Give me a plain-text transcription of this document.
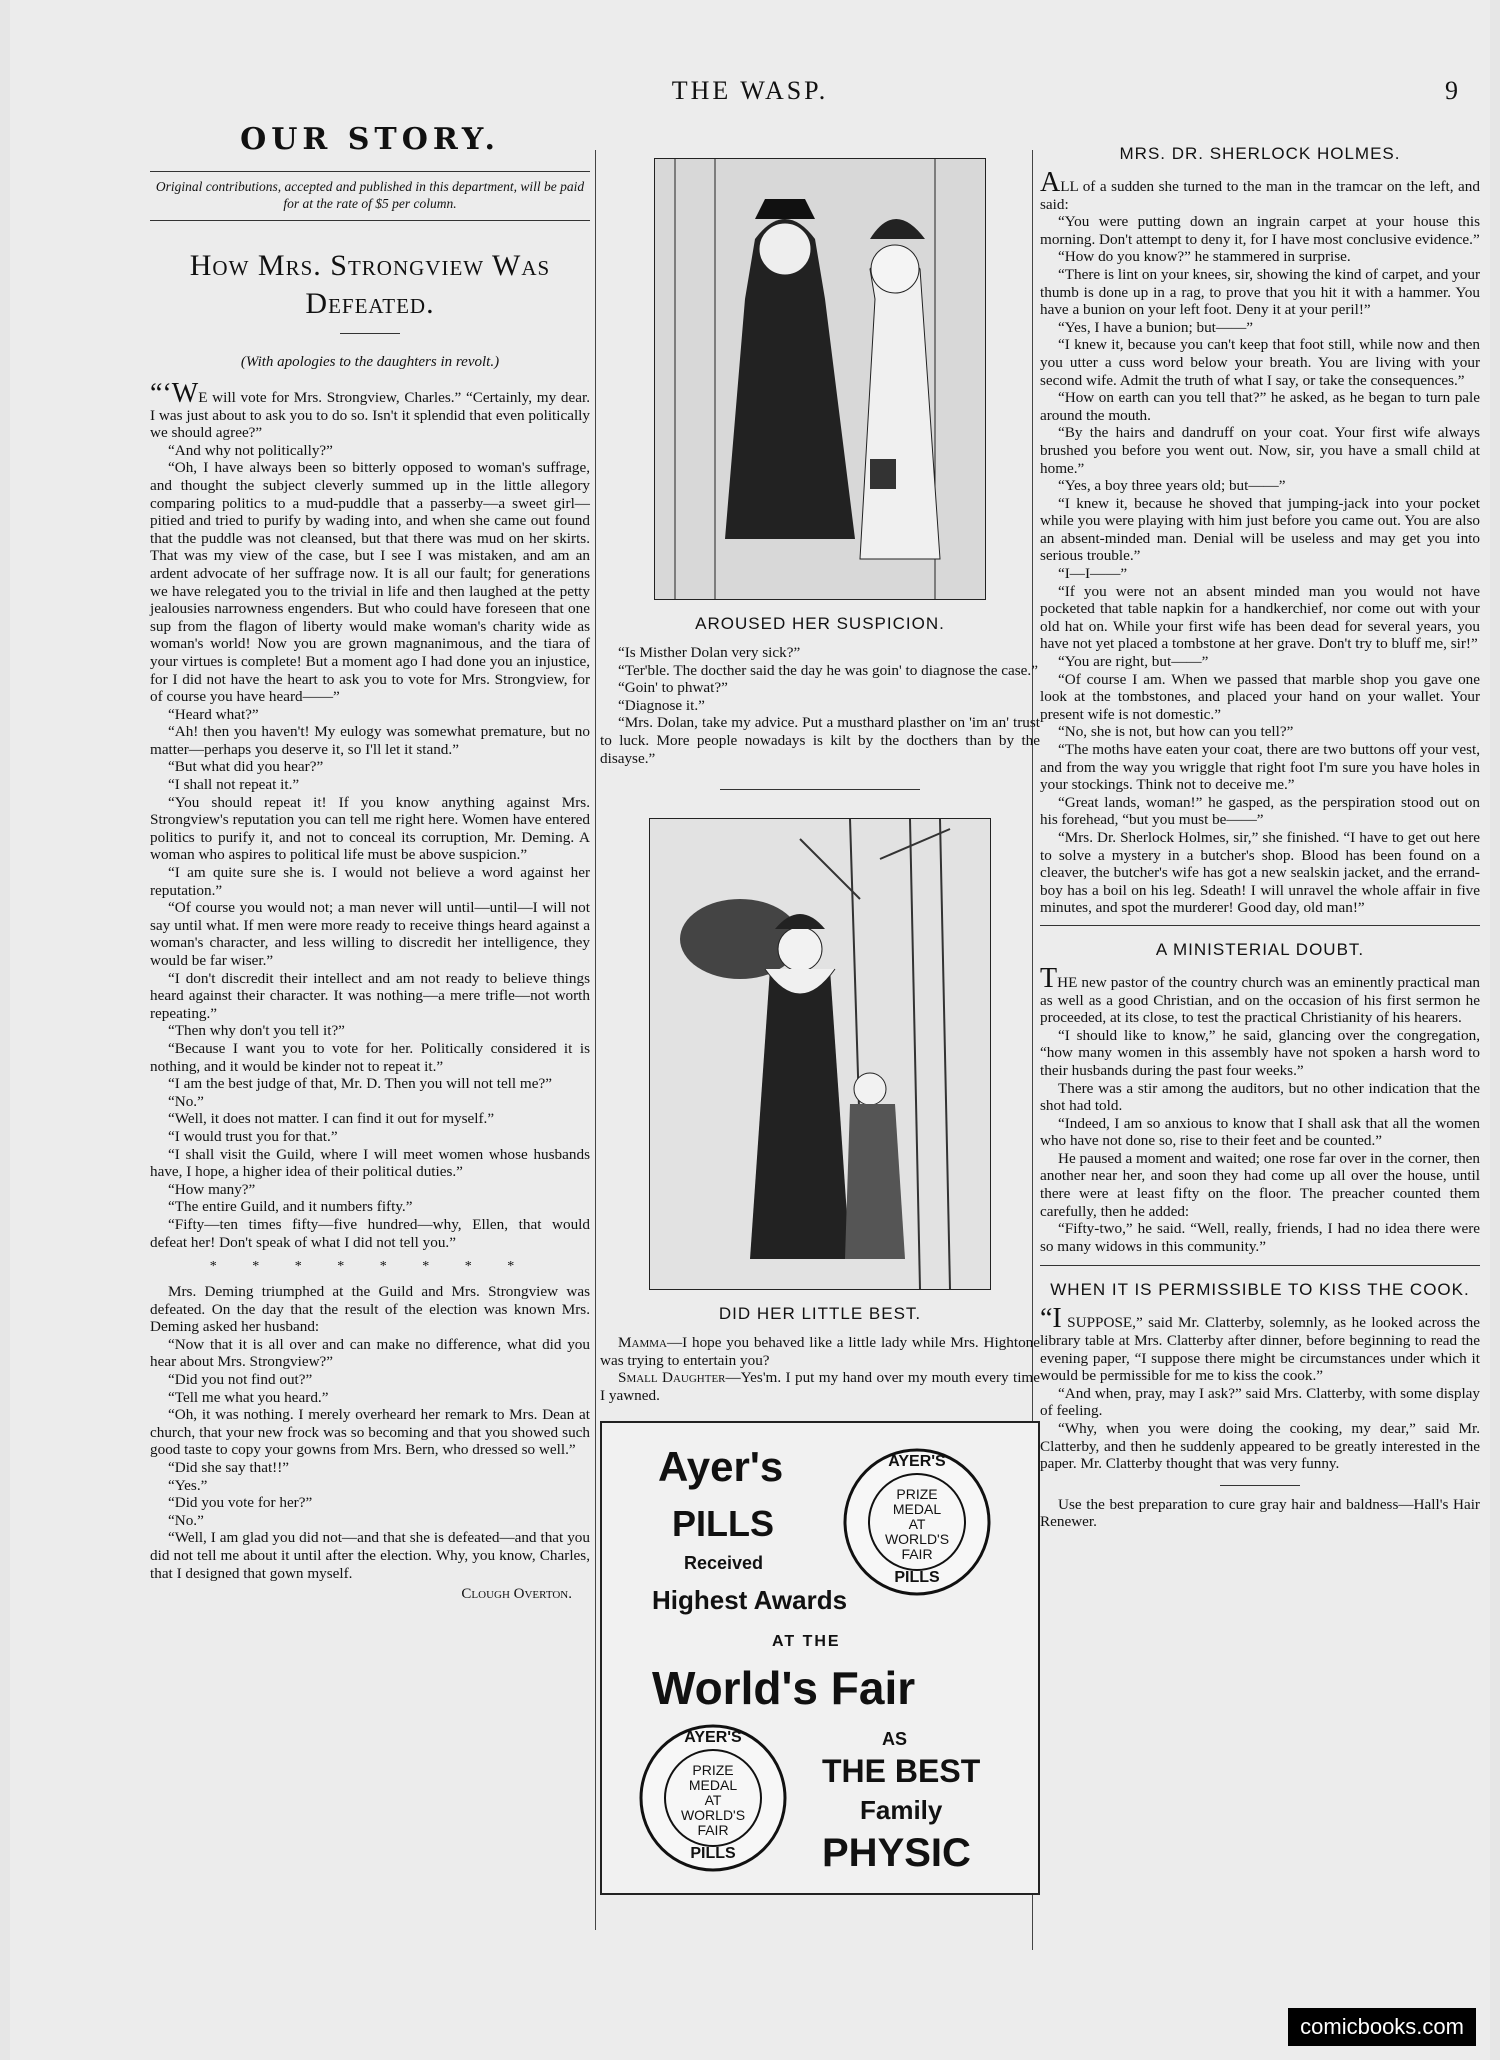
THE WASP.	9
OUR STORY.
Original contributions, accepted and published in this department, will be paid for at the rate of $5 per column.
How Mrs. Strongview Was Defeated.
(With apologies to the daughters in revolt.)

“‘WE will vote for Mrs. Strongview, Charles.” “Certainly, my dear. I was just about to ask you to do so. Isn't it splendid that even politically we should agree?”

“And why not politically?”

“Oh, I have always been so bitterly opposed to woman's suffrage, and thought the subject cleverly summed up in the little allegory comparing politics to a mud-puddle that a passerby—a sweet girl—pitied and tried to purify by wading into, and when she came out found that the puddle was not cleansed, but that there was mud on her skirts. That was my view of the case, but I see I was mistaken, and am an ardent advocate of her suffrage now. It is all our fault; for generations we have relegated you to the trivial in life and then laughed at the petty jealousies narrowness engenders. But who could have foreseen that one sup from the flagon of liberty would make woman's charity wide as woman's world! Now you are grown magnanimous, and the tiara of your virtues is complete! But a moment ago I had done you an injustice, for I did not have the heart to ask you to vote for Mrs. Strongview, for of course you have heard——”

“Heard what?”

“Ah! then you haven't! My eulogy was somewhat premature, but no matter—perhaps you deserve it, so I'll let it stand.”

“But what did you hear?”

“I shall not repeat it.”

“You should repeat it! If you know anything against Mrs. Strongview's reputation you can tell me right here. Women have entered politics to purify it, and not to conceal its corruption, Mr. Deming. A woman who aspires to political life must be above suspicion.”

“I am quite sure she is. I would not believe a word against her reputation.”

“Of course you would not; a man never will until—until—I will not say until what. If men were more ready to receive things heard against a woman's character, and less willing to discredit her intelligence, they would be far wiser.”

“I don't discredit their intellect and am not ready to believe things heard against their character. It was nothing—a mere trifle—not worth repeating.”

“Then why don't you tell it?”

“Because I want you to vote for her. Politically considered it is nothing, and it would be kinder not to repeat it.”

“I am the best judge of that, Mr. D. Then you will not tell me?”

“No.”

“Well, it does not matter. I can find it out for myself.”

“I would trust you for that.”

“I shall visit the Guild, where I will meet women whose husbands have, I hope, a higher idea of their political duties.”

“How many?”

“The entire Guild, and it numbers fifty.”

“Fifty—ten times fifty—five hundred—why, Ellen, that would defeat her! Don't speak of what I did not tell you.”

* * * * * * * *

Mrs. Deming triumphed at the Guild and Mrs. Strongview was defeated. On the day that the result of the election was known Mrs. Deming asked her husband:

“Now that it is all over and can make no difference, what did you hear about Mrs. Strongview?”

“Did you not find out?”

“Tell me what you heard.”

“Oh, it was nothing. I merely overheard her remark to Mrs. Dean at church, that your new frock was so becoming and that you showed such good taste to copy your gowns from Mrs. Bern, who dressed so well.”

“Did she say that!!”

“Yes.”

“Did you vote for her?”

“No.”

“Well, I am glad you did not—and that she is defeated—and that you did not tell me about it until after the election. Why, you know, Charles, that I designed that gown myself.

Clough Overton.
AROUSED HER SUSPICION.

“Is Misther Dolan very sick?”

“Ter'ble. The docther said the day he was goin' to diagnose the case.”

“Goin' to phwat?”

“Diagnose it.”

“Mrs. Dolan, take my advice. Put a musthard plasther on 'im an' trust to luck. More people nowadays is kilt by the docthers than by the disayse.”

DID HER LITTLE BEST.

Mamma—I hope you behaved like a little lady while Mrs. Hightone was trying to entertain you?

Small Daughter—Yes'm. I put my hand over my mouth every time I yawned.

Ayer's
PILLS
Received
Highest Awards
AT THE
World's Fair
AS
THE BEST
Family
PHYSIC
AYER'S
PRIZE
MEDAL
AT
WORLD'S
FAIR
PILLS
AYER'S
PRIZE
MEDAL
AT
WORLD'S
FAIR
PILLS
MRS. DR. SHERLOCK HOLMES.

ALL of a sudden she turned to the man in the tramcar on the left, and said:

“You were putting down an ingrain carpet at your house this morning. Don't attempt to deny it, for I have most conclusive evidence.”

“How do you know?” he stammered in surprise.

“There is lint on your knees, sir, showing the kind of carpet, and your thumb is done up in a rag, to prove that you hit it with a hammer. You have a bunion on your left foot. Deny it at your peril!”

“Yes, I have a bunion; but——”

“I knew it, because you can't keep that foot still, while now and then you utter a cuss word below your breath. You are living with your second wife. Admit the truth of what I say, or take the consequences.”

“How on earth can you tell that?” he asked, as he began to turn pale around the mouth.

“By the hairs and dandruff on your coat. Your first wife always brushed you before you went out. Now, sir, you have a small child at home.”

“Yes, a boy three years old; but——”

“I knew it, because he shoved that jumping-jack into your pocket while you were playing with him just before you came out. You are also an absent-minded man. Denial will be useless and may get you into serious trouble.”

“I—I——”

“If you were not an absent minded man you would not have pocketed that table napkin for a handkerchief, nor come out with your old hat on. While your first wife has been dead for several years, you have not yet placed a tombstone at her grave. Don't try to bluff me, sir!”

“You are right, but——”

“Of course I am. When we passed that marble shop you gave one look at the tombstones, and placed your hand on your wallet. Your present wife is not domestic.”

“No, she is not, but how can you tell?”

“The moths have eaten your coat, there are two buttons off your vest, and from the way you wriggle that right foot I'm sure you have holes in your stockings. Think not to deceive me.”

“Great lands, woman!” he gasped, as the perspiration stood out on his forehead, “but you must be——”

“Mrs. Dr. Sherlock Holmes, sir,” she finished. “I have to get out here to solve a mystery in a butcher's shop. Blood has been found on a cleaver, the butcher's wife has got a new sealskin jacket, and the errand-boy has a boil on his leg. Sdeath! I will unravel the whole affair in five minutes, and spot the murderer! Good day, old man!”

A MINISTERIAL DOUBT.

THE new pastor of the country church was an eminently practical man as well as a good Christian, and on the occasion of his first sermon he proceeded, at its close, to test the practical Christianity of his hearers.

“I should like to know,” he said, glancing over the congregation, “how many women in this assembly have not spoken a harsh word to their husbands during the past four weeks.”

There was a stir among the auditors, but no other indication that the shot had told.

“Indeed, I am so anxious to know that I shall ask that all the women who have not done so, rise to their feet and be counted.”

He paused a moment and waited; one rose far over in the corner, then another near her, and soon they had come up all over the house, until there were at least fifty on the floor. The preacher counted them carefully, then he added:

“Fifty-two,” he said. “Well, really, friends, I had no idea there were so many widows in this community.”

WHEN IT IS PERMISSIBLE TO KISS THE COOK.

“I SUPPOSE,” said Mr. Clatterby, solemnly, as he looked across the library table at Mrs. Clatterby after dinner, before beginning to read the evening paper, “I suppose there might be circumstances under which it would be permissible for me to kiss the cook.”

“And when, pray, may I ask?” said Mrs. Clatterby, with some display of feeling.

“Why, when you were doing the cooking, my dear,” said Mr. Clatterby, and then he suddenly appeared to be greatly interested in the paper. Mr. Clatterby thought that was very funny.

Use the best preparation to cure gray hair and baldness—Hall's Hair Renewer.

comicbooks.com
